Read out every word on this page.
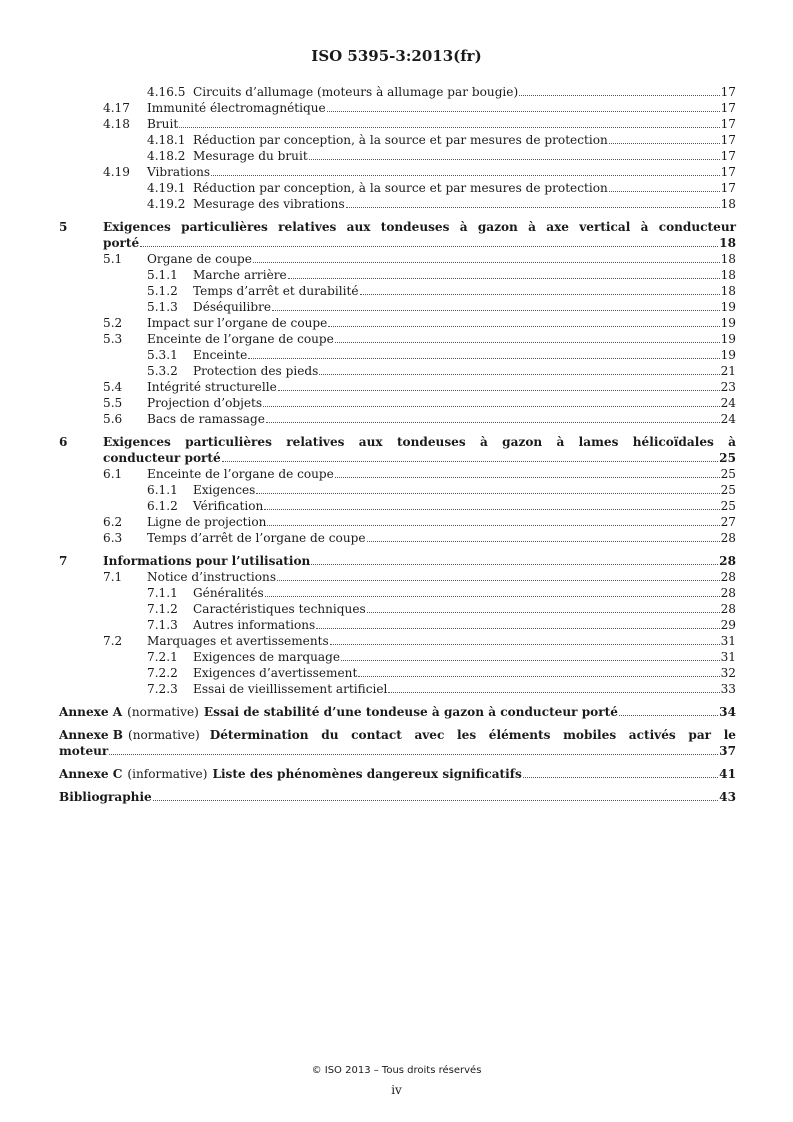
ISO 5395-3:2013(fr)
4.16.5 Circuits d’allumage (moteurs à allumage par bougie)	17
4.17	Immunité électromagnétique	17
4.18	Bruit	17
4.18.1 Réduction par conception, à la source et par mesures de protection	17
4.18.2 Mesurage du bruit	17
4.19	Vibrations	17
4.19.1 Réduction par conception, à la source et par mesures de protection	17
4.19.2 Mesurage des vibrations	18
5	Exigences particulières relatives aux tondeuses à gazon à axe vertical à conducteur
porté	18
5.1	Organe de coupe	18
5.1.1	Marche arrière	18
5.1.2	Temps d’arrêt et durabilité	18
5.1.3	Déséquilibre	19
5.2	Impact sur l’organe de coupe	19
5.3	Enceinte de l’organe de coupe	19
5.3.1	Enceinte	19
5.3.2	Protection des pieds	21
5.4	Intégrité structurelle	23
5.5	Projection d’objets	24
5.6	Bacs de ramassage	24
6	Exigences particulières relatives aux tondeuses à gazon à lames hélicoïdales à
conducteur porté	25
6.1	Enceinte de l’organe de coupe	25
6.1.1	Exigences	25
6.1.2	Vérification	25
6.2	Ligne de projection	27
6.3	Temps d’arrêt de l’organe de coupe	28
7	Informations pour l’utilisation	28
7.1	Notice d’instructions	28
7.1.1	Généralités	28
7.1.2	Caractéristiques techniques	28
7.1.3	Autres informations	29
7.2	Marquages et avertissements	31
7.2.1	Exigences de marquage	31
7.2.2	Exigences d’avertissement	32
7.2.3	Essai de vieillissement artificiel	33
Annexe A (normative) Essai de stabilité d’une tondeuse à gazon à conducteur porté	34
Annexe B (normative) Détermination du contact avec les éléments mobiles activés par le
moteur	37
Annexe C (informative) Liste des phénomènes dangereux significatifs	41
Bibliographie	43
© ISO 2013 – Tous droits réservés
iv
